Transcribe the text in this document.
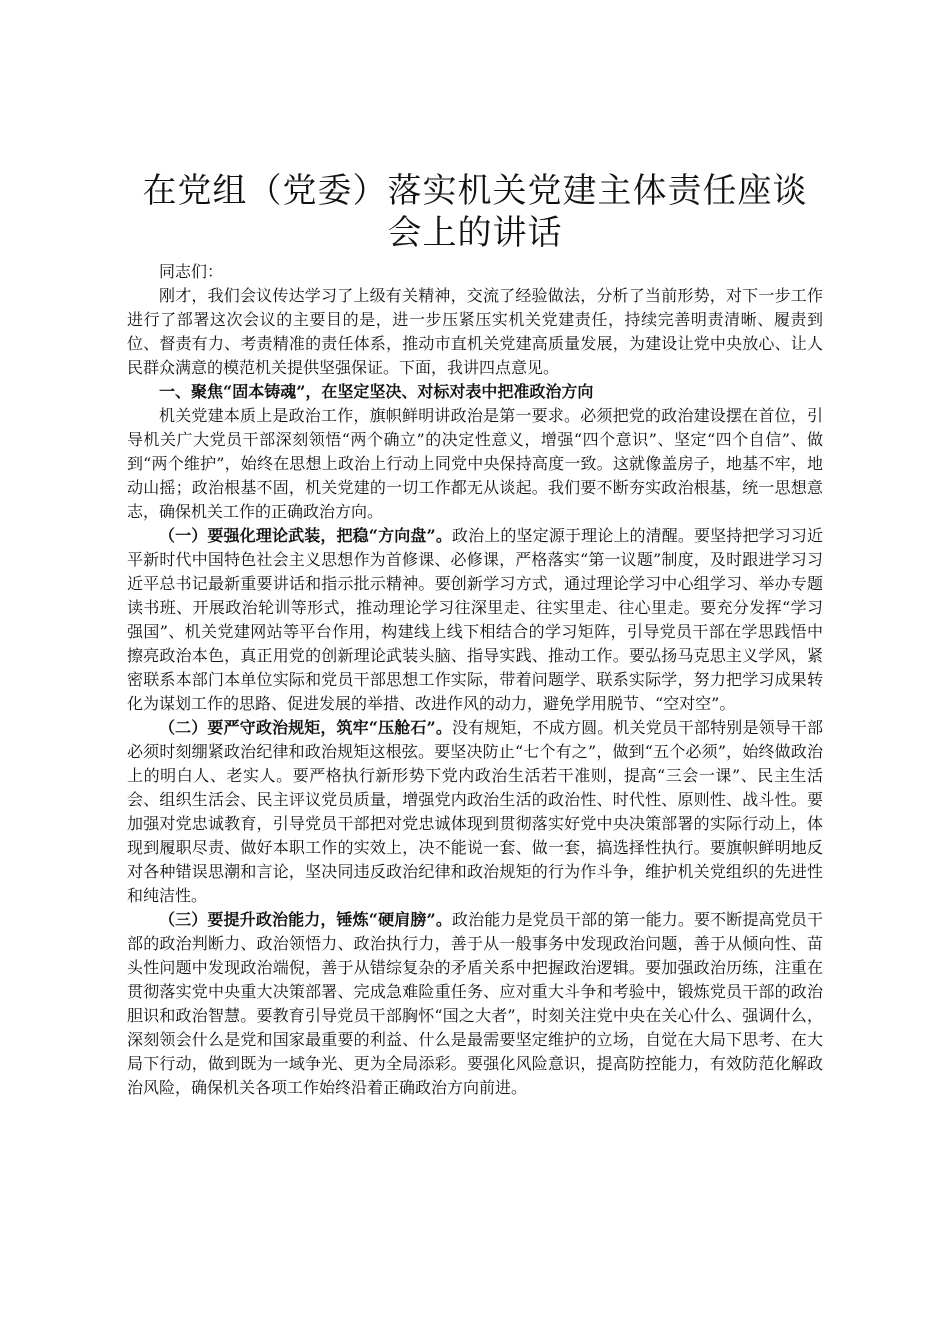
在党组（党委）落实机关党建主体责任座谈会上的讲话

同志们：

刚才，我们会议传达学习了上级有关精神，交流了经验做法，分析了当前形势，对下一步工作进行了部署这次会议的主要目的是，进一步压紧压实机关党建责任，持续完善明责清晰、履责到位、督责有力、考责精准的责任体系，推动市直机关党建高质量发展，为建设让党中央放心、让人民群众满意的模范机关提供坚强保证。下面，我讲四点意见。

一、聚焦“固本铸魂”，在坚定坚决、对标对表中把准政治方向

机关党建本质上是政治工作，旗帜鲜明讲政治是第一要求。必须把党的政治建设摆在首位，引导机关广大党员干部深刻领悟“两个确立”的决定性意义，增强“四个意识”、坚定“四个自信”、做到“两个维护”，始终在思想上政治上行动上同党中央保持高度一致。这就像盖房子，地基不牢，地动山摇；政治根基不固，机关党建的一切工作都无从谈起。我们要不断夯实政治根基，统一思想意志，确保机关工作的正确政治方向。

（一）要强化理论武装，把稳“方向盘”。政治上的坚定源于理论上的清醒。要坚持把学习习近平新时代中国特色社会主义思想作为首修课、必修课，严格落实“第一议题”制度，及时跟进学习习近平总书记最新重要讲话和指示批示精神。要创新学习方式，通过理论学习中心组学习、举办专题读书班、开展政治轮训等形式，推动理论学习往深里走、往实里走、往心里走。要充分发挥“学习强国”、机关党建网站等平台作用，构建线上线下相结合的学习矩阵，引导党员干部在学思践悟中擦亮政治本色，真正用党的创新理论武装头脑、指导实践、推动工作。要弘扬马克思主义学风，紧密联系本部门本单位实际和党员干部思想工作实际，带着问题学、联系实际学，努力把学习成果转化为谋划工作的思路、促进发展的举措、改进作风的动力，避免学用脱节、“空对空”。

（二）要严守政治规矩，筑牢“压舱石”。没有规矩，不成方圆。机关党员干部特别是领导干部必须时刻绷紧政治纪律和政治规矩这根弦。要坚决防止“七个有之”，做到“五个必须”，始终做政治上的明白人、老实人。要严格执行新形势下党内政治生活若干准则，提高“三会一课”、民主生活会、组织生活会、民主评议党员质量，增强党内政治生活的政治性、时代性、原则性、战斗性。要加强对党忠诚教育，引导党员干部把对党忠诚体现到贯彻落实好党中央决策部署的实际行动上，体现到履职尽责、做好本职工作的实效上，决不能说一套、做一套，搞选择性执行。要旗帜鲜明地反对各种错误思潮和言论，坚决同违反政治纪律和政治规矩的行为作斗争，维护机关党组织的先进性和纯洁性。

（三）要提升政治能力，锤炼“硬肩膀”。政治能力是党员干部的第一能力。要不断提高党员干部的政治判断力、政治领悟力、政治执行力，善于从一般事务中发现政治问题，善于从倾向性、苗头性问题中发现政治端倪，善于从错综复杂的矛盾关系中把握政治逻辑。要加强政治历练，注重在贯彻落实党中央重大决策部署、完成急难险重任务、应对重大斗争和考验中，锻炼党员干部的政治胆识和政治智慧。要教育引导党员干部胸怀“国之大者”，时刻关注党中央在关心什么、强调什么，深刻领会什么是党和国家最重要的利益、什么是最需要坚定维护的立场，自觉在大局下思考、在大局下行动，做到既为一域争光、更为全局添彩。要强化风险意识，提高防控能力，有效防范化解政治风险，确保机关各项工作始终沿着正确政治方向前进。
